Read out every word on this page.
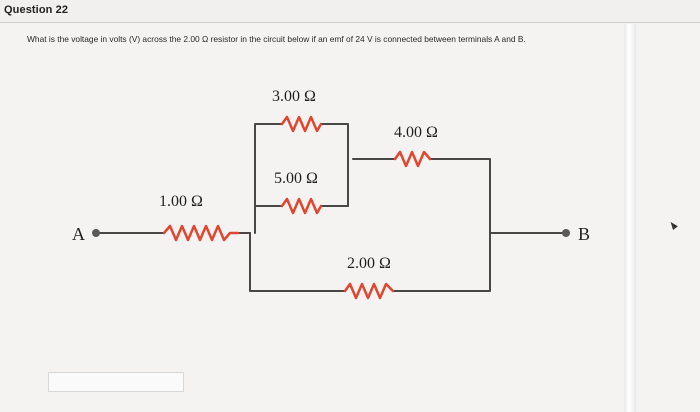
Question 22
What is the voltage in volts (V) across the 2.00 Ω resistor in the circuit below if an emf of 24 V is connected between terminals A and B.
A	B
1.00 Ω
3.00 Ω
5.00 Ω
4.00 Ω
2.00 Ω
